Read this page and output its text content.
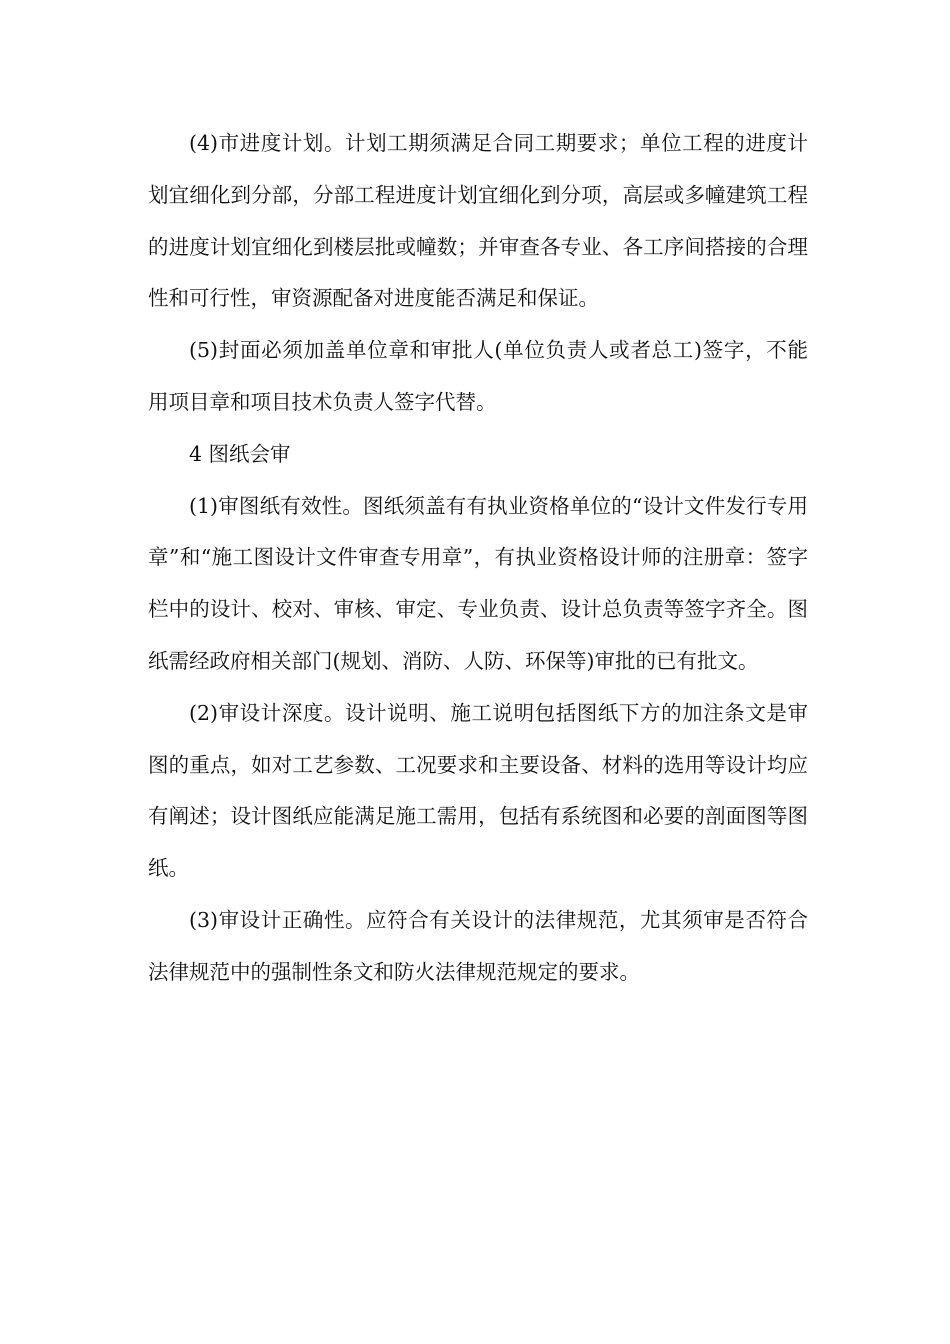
(4)市进度计划。计划工期须满足合同工期要求；单位工程的进度计划宜细化到分部，分部工程进度计划宜细化到分项，高层或多幢建筑工程的进度计划宜细化到楼层批或幢数；并审查各专业、各工序间搭接的合理性和可行性，审资源配备对进度能否满足和保证。

(5)封面必须加盖单位章和审批人(单位负责人或者总工)签字，不能用项目章和项目技术负责人签字代替。

4 图纸会审

(1)审图纸有效性。图纸须盖有有执业资格单位的“设计文件发行专用章”和“施工图设计文件审查专用章”，有执业资格设计师的注册章：签字栏中的设计、校对、审核、审定、专业负责、设计总负责等签字齐全。图纸需经政府相关部门(规划、消防、人防、环保等)审批的已有批文。

(2)审设计深度。设计说明、施工说明包括图纸下方的加注条文是审图的重点，如对工艺参数、工况要求和主要设备、材料的选用等设计均应有阐述；设计图纸应能满足施工需用，包括有系统图和必要的剖面图等图纸。

(3)审设计正确性。应符合有关设计的法律规范，尤其须审是否符合法律规范中的强制性条文和防火法律规范规定的要求。
